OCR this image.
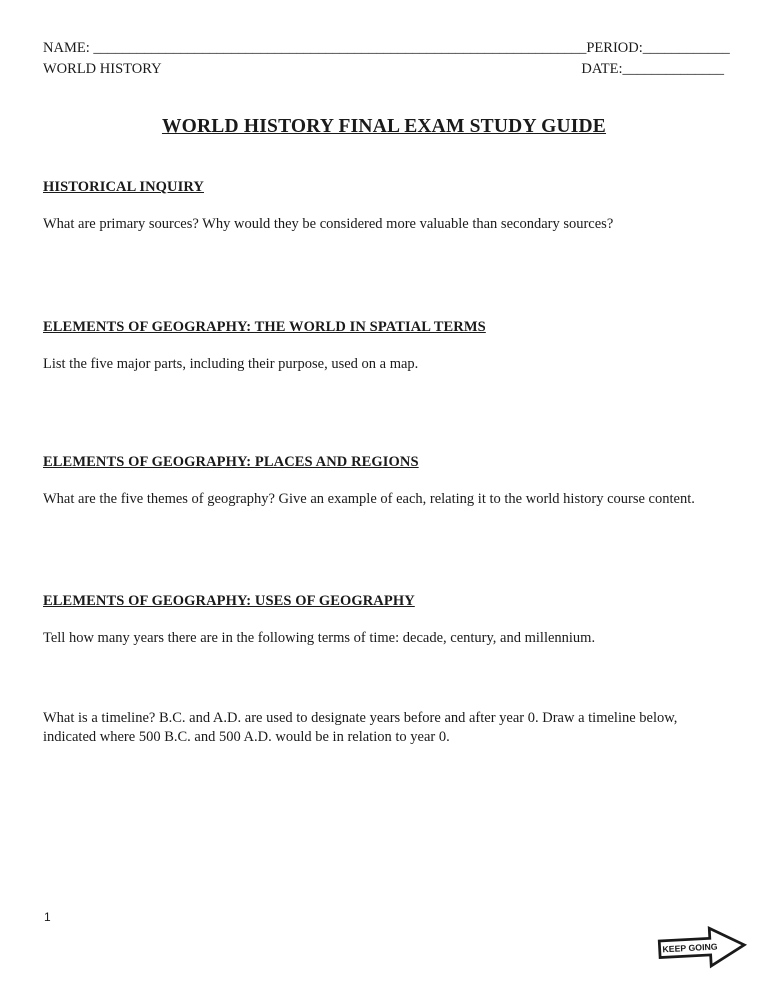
NAME: ____________________________________________________________________ PERIOD:____________
WORLD HISTORY	DATE:______________
WORLD HISTORY FINAL EXAM STUDY GUIDE
HISTORICAL INQUIRY
What are primary sources? Why would they be considered more valuable than secondary sources?
ELEMENTS OF GEOGRAPHY: THE WORLD IN SPATIAL TERMS
List the five major parts, including their purpose, used on a map.
ELEMENTS OF GEOGRAPHY: PLACES AND REGIONS
What are the five themes of geography? Give an example of each, relating it to the world history course content.
ELEMENTS OF GEOGRAPHY: USES OF GEOGRAPHY
Tell how many years there are in the following terms of time: decade, century, and millennium.
What is a timeline? B.C. and A.D. are used to designate years before and after year 0. Draw a timeline below, indicated where 500 B.C. and 500 A.D. would be in relation to year 0.
1
KEEP GOING
